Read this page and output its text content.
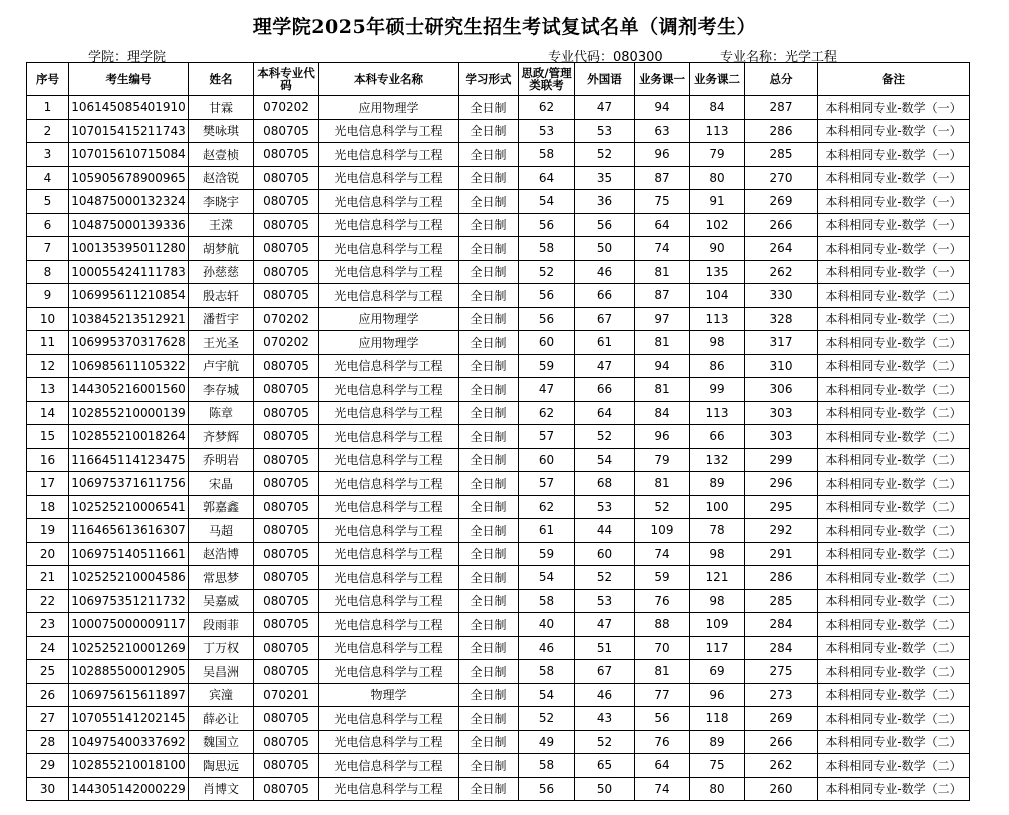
理学院2025年硕士研究生招生考试复试名单（调剂考生）
学院：理学院	专业代码：080300	专业名称：光学工程
序号	考生编号	姓名	本科专业代码	本科专业名称	学习形式	思政/管理类联考	外国语	业务课一	业务课二	总分	备注
1	106145085401910	甘霖	070202	应用物理学	全日制	62	47	94	84	287	本科相同专业-数学（一）
2	107015415211743	樊咏琪	080705	光电信息科学与工程	全日制	53	53	63	113	286	本科相同专业-数学（一）
3	107015610715084	赵壹桢	080705	光电信息科学与工程	全日制	58	52	96	79	285	本科相同专业-数学（一）
4	105905678900965	赵浛锐	080705	光电信息科学与工程	全日制	64	35	87	80	270	本科相同专业-数学（一）
5	104875000132324	李晓宇	080705	光电信息科学与工程	全日制	54	36	75	91	269	本科相同专业-数学（一）
6	104875000139336	王溁	080705	光电信息科学与工程	全日制	56	56	64	102	266	本科相同专业-数学（一）
7	100135395011280	胡梦航	080705	光电信息科学与工程	全日制	58	50	74	90	264	本科相同专业-数学（一）
8	100055424111783	孙慈慈	080705	光电信息科学与工程	全日制	52	46	81	135	262	本科相同专业-数学（一）
9	106995611210854	殷志轩	080705	光电信息科学与工程	全日制	56	66	87	104	330	本科相同专业-数学（二）
10	103845213512921	潘哲宇	070202	应用物理学	全日制	56	67	97	113	328	本科相同专业-数学（二）
11	106995370317628	王光圣	070202	应用物理学	全日制	60	61	81	98	317	本科相同专业-数学（二）
12	106985611105322	卢宇航	080705	光电信息科学与工程	全日制	59	47	94	86	310	本科相同专业-数学（二）
13	144305216001560	李存城	080705	光电信息科学与工程	全日制	47	66	81	99	306	本科相同专业-数学（二）
14	102855210000139	陈章	080705	光电信息科学与工程	全日制	62	64	84	113	303	本科相同专业-数学（二）
15	102855210018264	齐梦辉	080705	光电信息科学与工程	全日制	57	52	96	66	303	本科相同专业-数学（二）
16	116645114123475	乔明岩	080705	光电信息科学与工程	全日制	60	54	79	132	299	本科相同专业-数学（二）
17	106975371611756	宋晶	080705	光电信息科学与工程	全日制	57	68	81	89	296	本科相同专业-数学（二）
18	102525210006541	郭嘉鑫	080705	光电信息科学与工程	全日制	62	53	52	100	295	本科相同专业-数学（二）
19	116465613616307	马超	080705	光电信息科学与工程	全日制	61	44	109	78	292	本科相同专业-数学（二）
20	106975140511661	赵浩博	080705	光电信息科学与工程	全日制	59	60	74	98	291	本科相同专业-数学（二）
21	102525210004586	常思梦	080705	光电信息科学与工程	全日制	54	52	59	121	286	本科相同专业-数学（二）
22	106975351211732	吴嘉威	080705	光电信息科学与工程	全日制	58	53	76	98	285	本科相同专业-数学（二）
23	100075000009117	段雨菲	080705	光电信息科学与工程	全日制	40	47	88	109	284	本科相同专业-数学（二）
24	102525210001269	丁万权	080705	光电信息科学与工程	全日制	46	51	70	117	284	本科相同专业-数学（二）
25	102885500012905	吴昌洲	080705	光电信息科学与工程	全日制	58	67	81	69	275	本科相同专业-数学（二）
26	106975615611897	宾潼	070201	物理学	全日制	54	46	77	96	273	本科相同专业-数学（二）
27	107055141202145	薛必让	080705	光电信息科学与工程	全日制	52	43	56	118	269	本科相同专业-数学（二）
28	104975400337692	魏国立	080705	光电信息科学与工程	全日制	49	52	76	89	266	本科相同专业-数学（二）
29	102855210018100	陶思远	080705	光电信息科学与工程	全日制	58	65	64	75	262	本科相同专业-数学（二）
30	144305142000229	肖博文	080705	光电信息科学与工程	全日制	56	50	74	80	260	本科相同专业-数学（二）
